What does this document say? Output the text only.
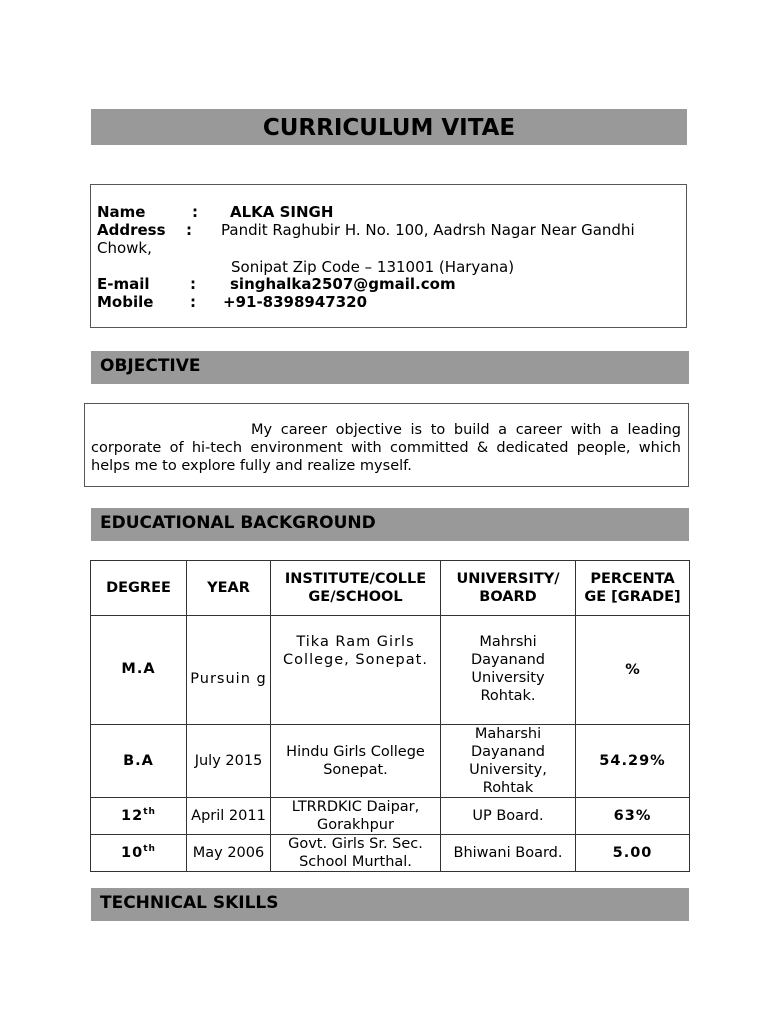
CURRICULUM VITAE
Name	: ALKA SINGH
Address : Pandit Raghubir H. No. 100, Aadrsh Nagar Near Gandhi
Chowk,
Sonipat Zip Code – 131001 (Haryana)
E-mail	: singhalka2507@gmail.com
Mobile : +91-8398947320
OBJECTIVE
My career objective is to build a career with a leading corporate of hi-tech environment with committed & dedicated people, which helps me to explore fully and realize myself.
EDUCATIONAL BACKGROUND
DEGREE	YEAR	INSTITUTE/COLLE GE/SCHOOL	UNIVERSITY/ BOARD	PERCENTA GE [GRADE]
M.A	Pursuin g	Tika Ram Girls College, Sonepat.	Mahrshi Dayanand University Rohtak.	%
B.A	July 2015	Hindu Girls College Sonepat.	Maharshi Dayanand University, Rohtak	54.29%
12th	April 2011	LTRRDKIC Daipar, Gorakhpur	UP Board.	63%
10th	May 2006	Govt. Girls Sr. Sec. School Murthal.	Bhiwani Board.	5.00
TECHNICAL SKILLS
